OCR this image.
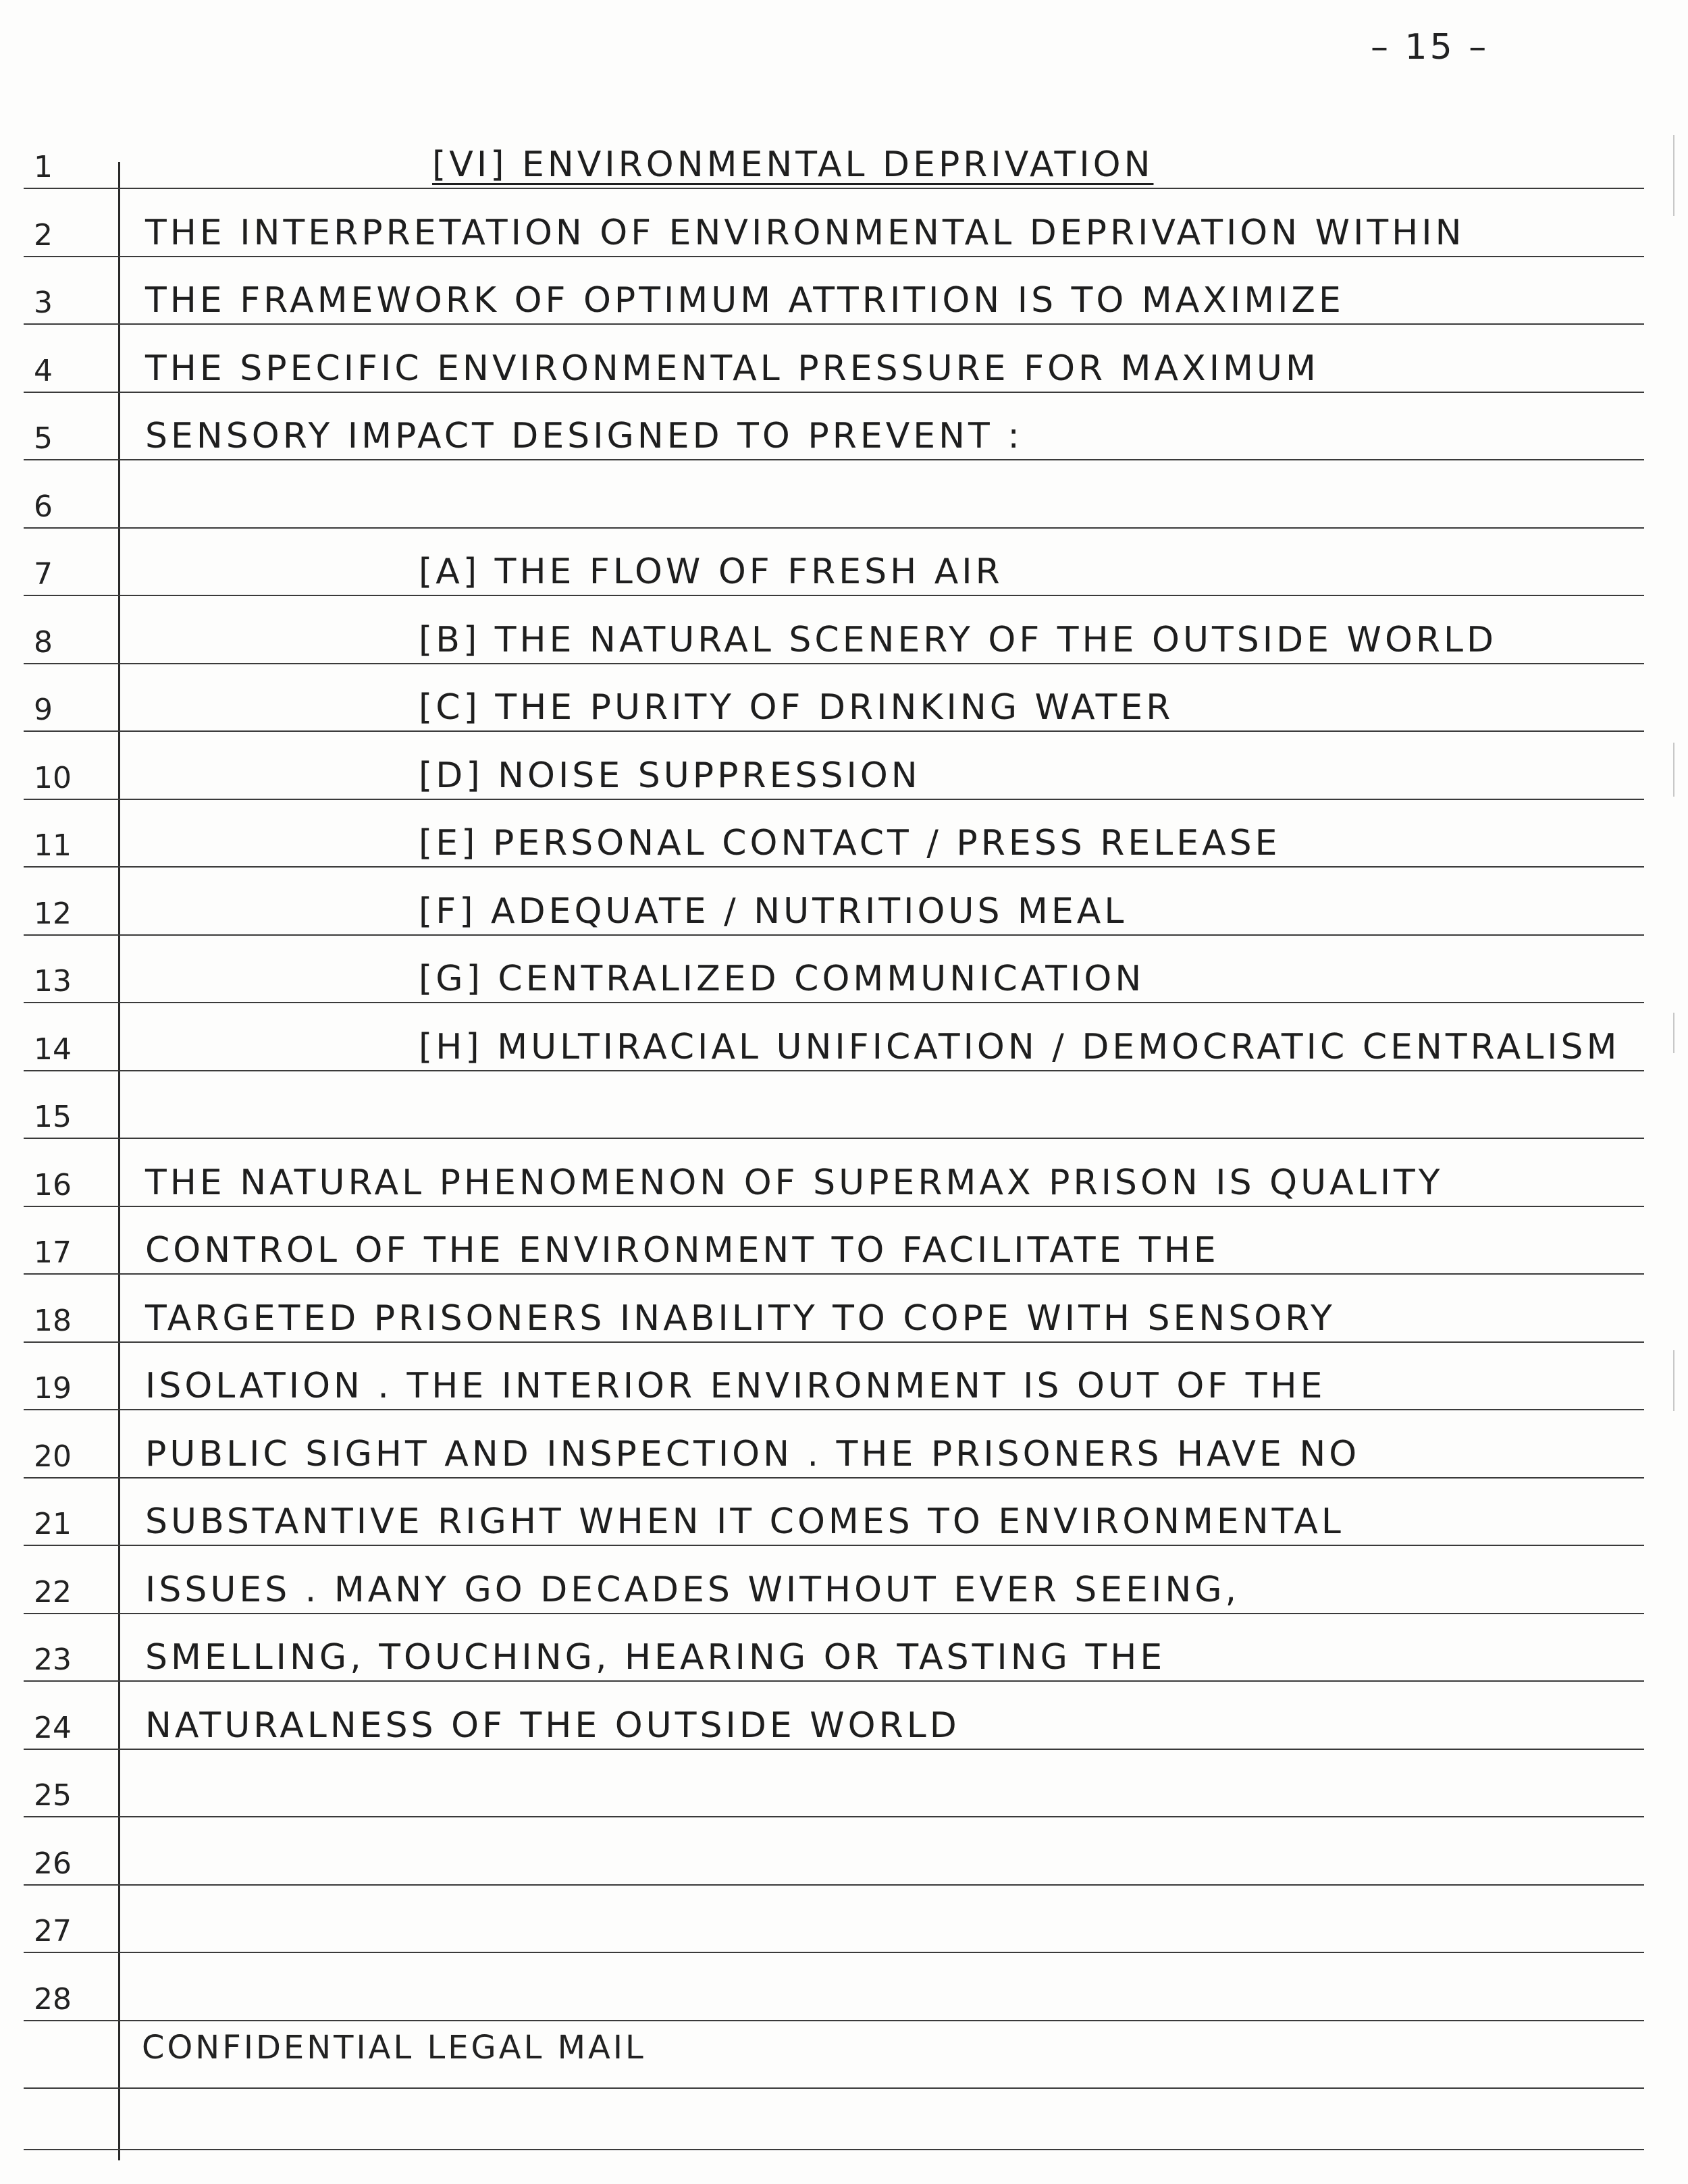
– 15 –
1	[VI] ENVIRONMENTAL DEPRIVATION
2	THE INTERPRETATION OF ENVIRONMENTAL DEPRIVATION WITHIN
3	THE FRAMEWORK OF OPTIMUM ATTRITION IS TO MAXIMIZE
4	THE SPECIFIC ENVIRONMENTAL PRESSURE FOR MAXIMUM
5	SENSORY IMPACT DESIGNED TO PREVENT :
6
7	[A] THE FLOW OF FRESH AIR
8	[B] THE NATURAL SCENERY OF THE OUTSIDE WORLD
9	[C] THE PURITY OF DRINKING WATER
10	[D] NOISE SUPPRESSION
11	[E] PERSONAL CONTACT / PRESS RELEASE
12	[F] ADEQUATE / NUTRITIOUS MEAL
13	[G] CENTRALIZED COMMUNICATION
14	[H] MULTIRACIAL UNIFICATION / DEMOCRATIC CENTRALISM
15
16	THE NATURAL PHENOMENON OF SUPERMAX PRISON IS QUALITY
17	CONTROL OF THE ENVIRONMENT TO FACILITATE THE
18	TARGETED PRISONERS INABILITY TO COPE WITH SENSORY
19	ISOLATION . THE INTERIOR ENVIRONMENT IS OUT OF THE
20	PUBLIC SIGHT AND INSPECTION . THE PRISONERS HAVE NO
21	SUBSTANTIVE RIGHT WHEN IT COMES TO ENVIRONMENTAL
22	ISSUES . MANY GO DECADES WITHOUT EVER SEEING,
23	SMELLING, TOUCHING, HEARING OR TASTING THE
24	NATURALNESS OF THE OUTSIDE WORLD
25
26
27
28
CONFIDENTIAL LEGAL MAIL
